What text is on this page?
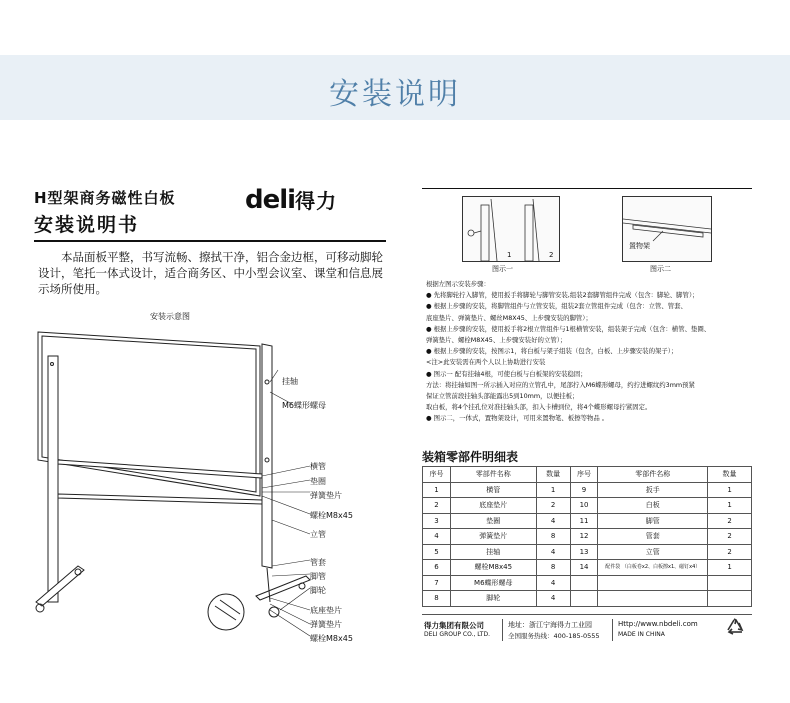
安装说明
H型架商务磁性白板
安装说明书
deli得力
本品面板平整，书写流畅、擦拭干净，铝合金边框，可移动脚轮设计，笔托一体式设计，适合商务区、中小型会议室、课堂和信息展示场所使用。
安装示意图
挂轴
M6蝶形螺母
横管
垫圈
弹簧垫片
螺栓M8x45
立管
管套
脚管
脚轮
底座垫片
弹簧垫片
螺栓M8x45
1	2
图示一
置物架
图示二
根据左图示安装步骤：
● 先将脚轮拧入脚管，使用扳手将脚轮与脚管安装,组装2套脚管组件完成（包含：脚轮、脚管）；
● 根据上步骤的安装，将脚管组件与立管安装，组装2套立管组件完成（包含：立管、管套、
底座垫片、弹簧垫片、螺丝M8X45、上步骤安装的脚管）；
● 根据上步骤的安装，使用扳手将2根立管组件与1根横管安装，组装架子完成（包含：横管、垫圈、
弹簧垫片、螺栓M8X45、上步骤安装好的立管）；
● 根据上步骤的安装，按图示1，将白板与架子组装（包含，白板、上步骤安装的架子）；
<注>此安装需在两个人以上协助进行安装
● 图示一 配有挂轴4根，可使白板与白板架的安装稳固；
方法：将挂轴如图一所示插入对应的立管孔中，尾部拧入M6蝶形螺母，约拧进螺纹约3mm预紧
保证立管前段挂轴头部能露出5到10mm，以便挂板；
取白板，将4个挂孔位对准挂轴头部，扣入卡槽到位，将4个蝶形螺母拧紧固定。
● 图示二，一体式，置物架设计，可用来置物笔、板擦等物品 。
装箱零部件明细表
序号	零部件名称	数量	序号	零部件名称	数量
1	横管	1	9	扳手	1
2	底座垫片	2	10	白板	1
3	垫圈	4	11	脚管	2
4	弹簧垫片	8	12	管套	2
5	挂轴	4	13	立管	2
6	螺栓M8x45	8	14	配件袋 （白板卷x2、白板擦x1、磁钉x4）	1
7	M6蝶形螺母	4			
8	脚轮	4			
得力集团有限公司
DELI GROUP CO., LTD.
地址：浙江宁海得力工业园
全国服务热线：400-185-0555
Http://www.nbdeli.com
MADE IN CHINA
